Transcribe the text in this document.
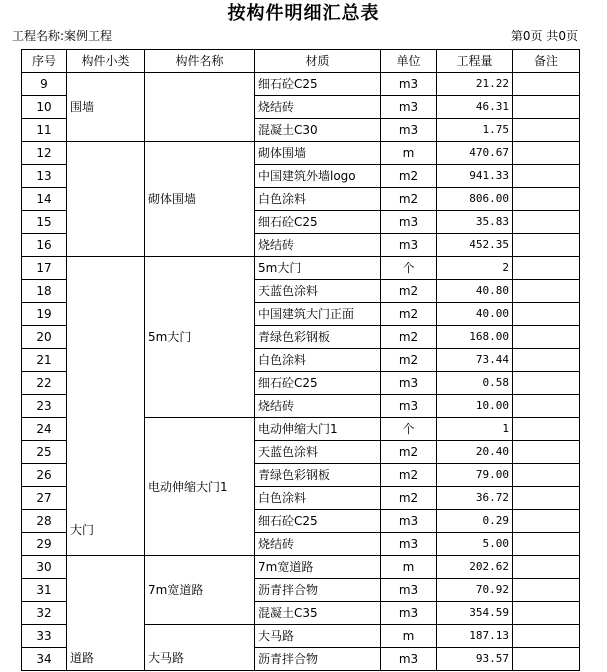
按构件明细汇总表
工程名称:案例工程	第0页 共0页
序号	构件小类	构件名称	材质	单位	工程量	备注
9	围墙		细石砼C25	m3	21.22	
10			烧结砖	m3	46.31	
11			混凝土C30	m3	1.75	
12		砌体围墙	砌体围墙	m	470.67	
13			中国建筑外墙logo	m2	941.33	
14			白色涂料	m2	806.00	
15			细石砼C25	m3	35.83	
16			烧结砖	m3	452.35	
17	大门	5m大门	5m大门	个	2	
18			天蓝色涂料	m2	40.80	
19			中国建筑大门正面	m2	40.00	
20			青绿色彩钢板	m2	168.00	
21			白色涂料	m2	73.44	
22			细石砼C25	m3	0.58	
23			烧结砖	m3	10.00	
24		电动伸缩大门1	电动伸缩大门1	个	1	
25			天蓝色涂料	m2	20.40	
26			青绿色彩钢板	m2	79.00	
27			白色涂料	m2	36.72	
28			细石砼C25	m3	0.29	
29			烧结砖	m3	5.00	
30	道路	7m宽道路	7m宽道路	m	202.62	
31			沥青拌合物	m3	70.92	
32			混凝土C35	m3	354.59	
33		大马路	大马路	m	187.13	
34			沥青拌合物	m3	93.57	
